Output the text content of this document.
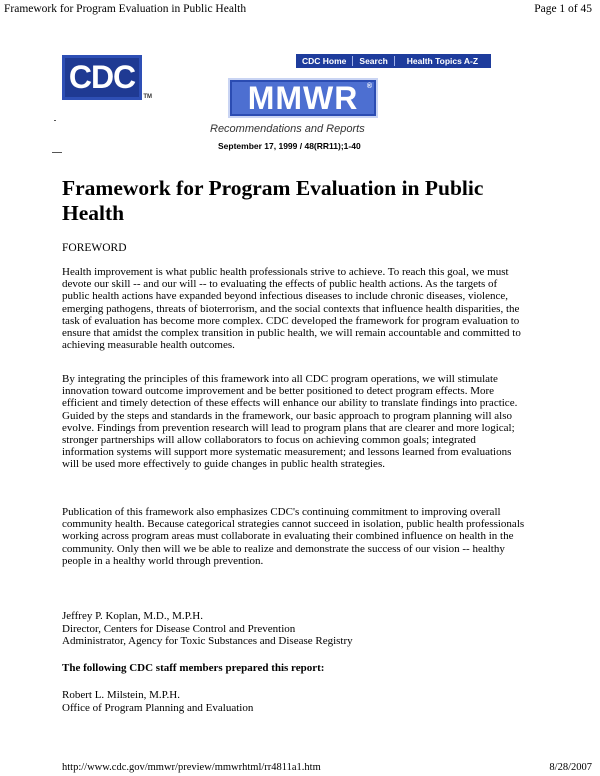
Framework for Program Evaluation in Public Health	Page 1 of 45
CDC
TM
CDC Home	Search	Health Topics A-Z
MMWR ®
Recommendations and Reports
September 17, 1999 / 48(RR11);1-40
Framework for Program Evaluation in Public Health
FOREWORD

Health improvement is what public health professionals strive to achieve. To reach this goal, we must devote our skill -- and our will -- to evaluating the effects of public health actions. As the targets of public health actions have expanded beyond infectious diseases to include chronic diseases, violence, emerging pathogens, threats of bioterrorism, and the social contexts that influence health disparities, the task of evaluation has become more complex. CDC developed the framework for program evaluation to ensure that amidst the complex transition in public health, we will remain accountable and committed to achieving measurable health outcomes.

By integrating the principles of this framework into all CDC program operations, we will stimulate innovation toward outcome improvement and be better positioned to detect program effects. More efficient and timely detection of these effects will enhance our ability to translate findings into practice. Guided by the steps and standards in the framework, our basic approach to program planning will also evolve. Findings from prevention research will lead to program plans that are clearer and more logical; stronger partnerships will allow collaborators to focus on achieving common goals; integrated information systems will support more systematic measurement; and lessons learned from evaluations will be used more effectively to guide changes in public health strategies.

Publication of this framework also emphasizes CDC's continuing commitment to improving overall community health. Because categorical strategies cannot succeed in isolation, public health professionals working across program areas must collaborate in evaluating their combined influence on health in the community. Only then will we be able to realize and demonstrate the success of our vision -- healthy people in a healthy world through prevention.

Jeffrey P. Koplan, M.D., M.P.H.
Director, Centers for Disease Control and Prevention
Administrator, Agency for Toxic Substances and Disease Registry
The following CDC staff members prepared this report:
Robert L. Milstein, M.P.H.
Office of Program Planning and Evaluation
http://www.cdc.gov/mmwr/preview/mmwrhtml/rr4811a1.htm	8/28/2007
